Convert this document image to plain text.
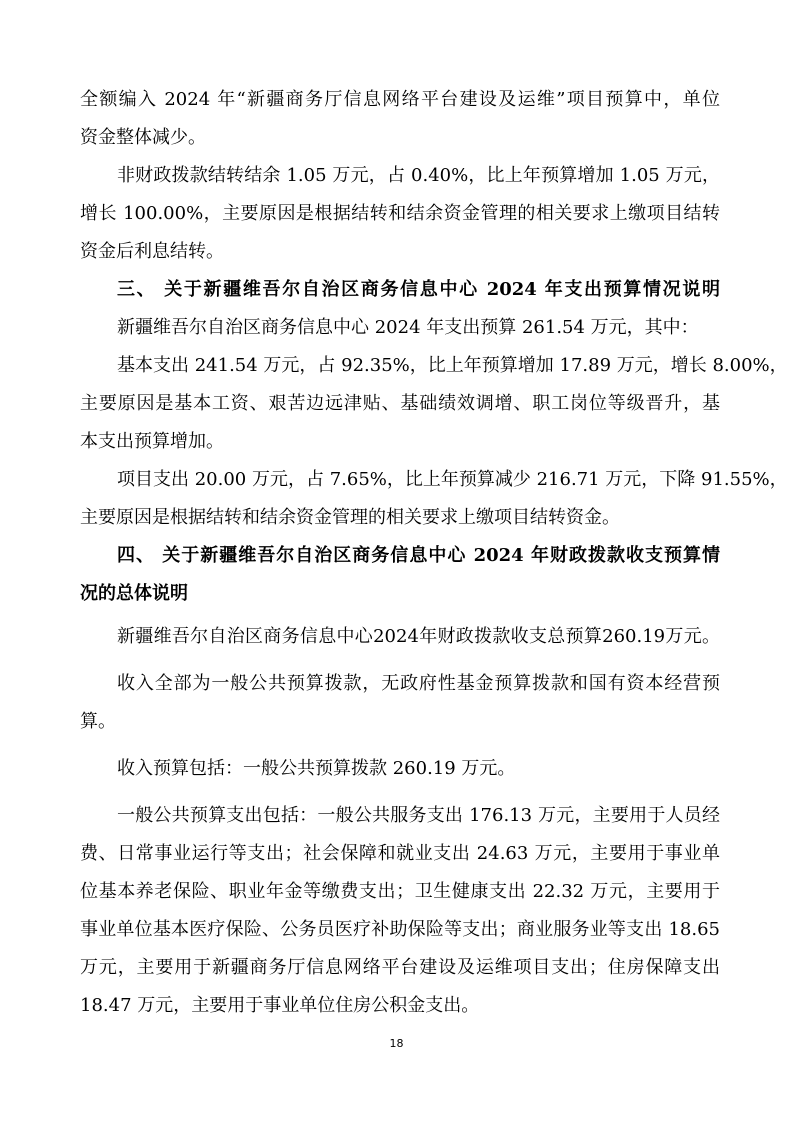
全额编入 2024 年“新疆商务厅信息网络平台建设及运维”项目预算中，单位
资金整体减少。
非财政拨款结转结余 1.05 万元，占 0.40%，比上年预算增加 1.05 万元，
增长 100.00%，主要原因是根据结转和结余资金管理的相关要求上缴项目结转
资金后利息结转。
三、 关于新疆维吾尔自治区商务信息中心 2024 年支出预算情况说明
新疆维吾尔自治区商务信息中心 2024 年支出预算 261.54 万元，其中：
基本支出 241.54 万元，占 92.35%，比上年预算增加 17.89 万元，增长 8.00%，
主要原因是基本工资、艰苦边远津贴、基础绩效调增、职工岗位等级晋升，基
本支出预算增加。
项目支出 20.00 万元，占 7.65%，比上年预算减少 216.71 万元，下降 91.55%，
主要原因是根据结转和结余资金管理的相关要求上缴项目结转资金。
四、 关于新疆维吾尔自治区商务信息中心 2024 年财政拨款收支预算情
况的总体说明
新疆维吾尔自治区商务信息中心2024年财政拨款收支总预算260.19万元。
收入全部为一般公共预算拨款，无政府性基金预算拨款和国有资本经营预
算。
收入预算包括：一般公共预算拨款 260.19 万元。
一般公共预算支出包括：一般公共服务支出 176.13 万元，主要用于人员经
费、日常事业运行等支出；社会保障和就业支出 24.63 万元，主要用于事业单
位基本养老保险、职业年金等缴费支出；卫生健康支出 22.32 万元，主要用于
事业单位基本医疗保险、公务员医疗补助保险等支出；商业服务业等支出 18.65
万元，主要用于新疆商务厅信息网络平台建设及运维项目支出；住房保障支出
18.47 万元，主要用于事业单位住房公积金支出。
18
